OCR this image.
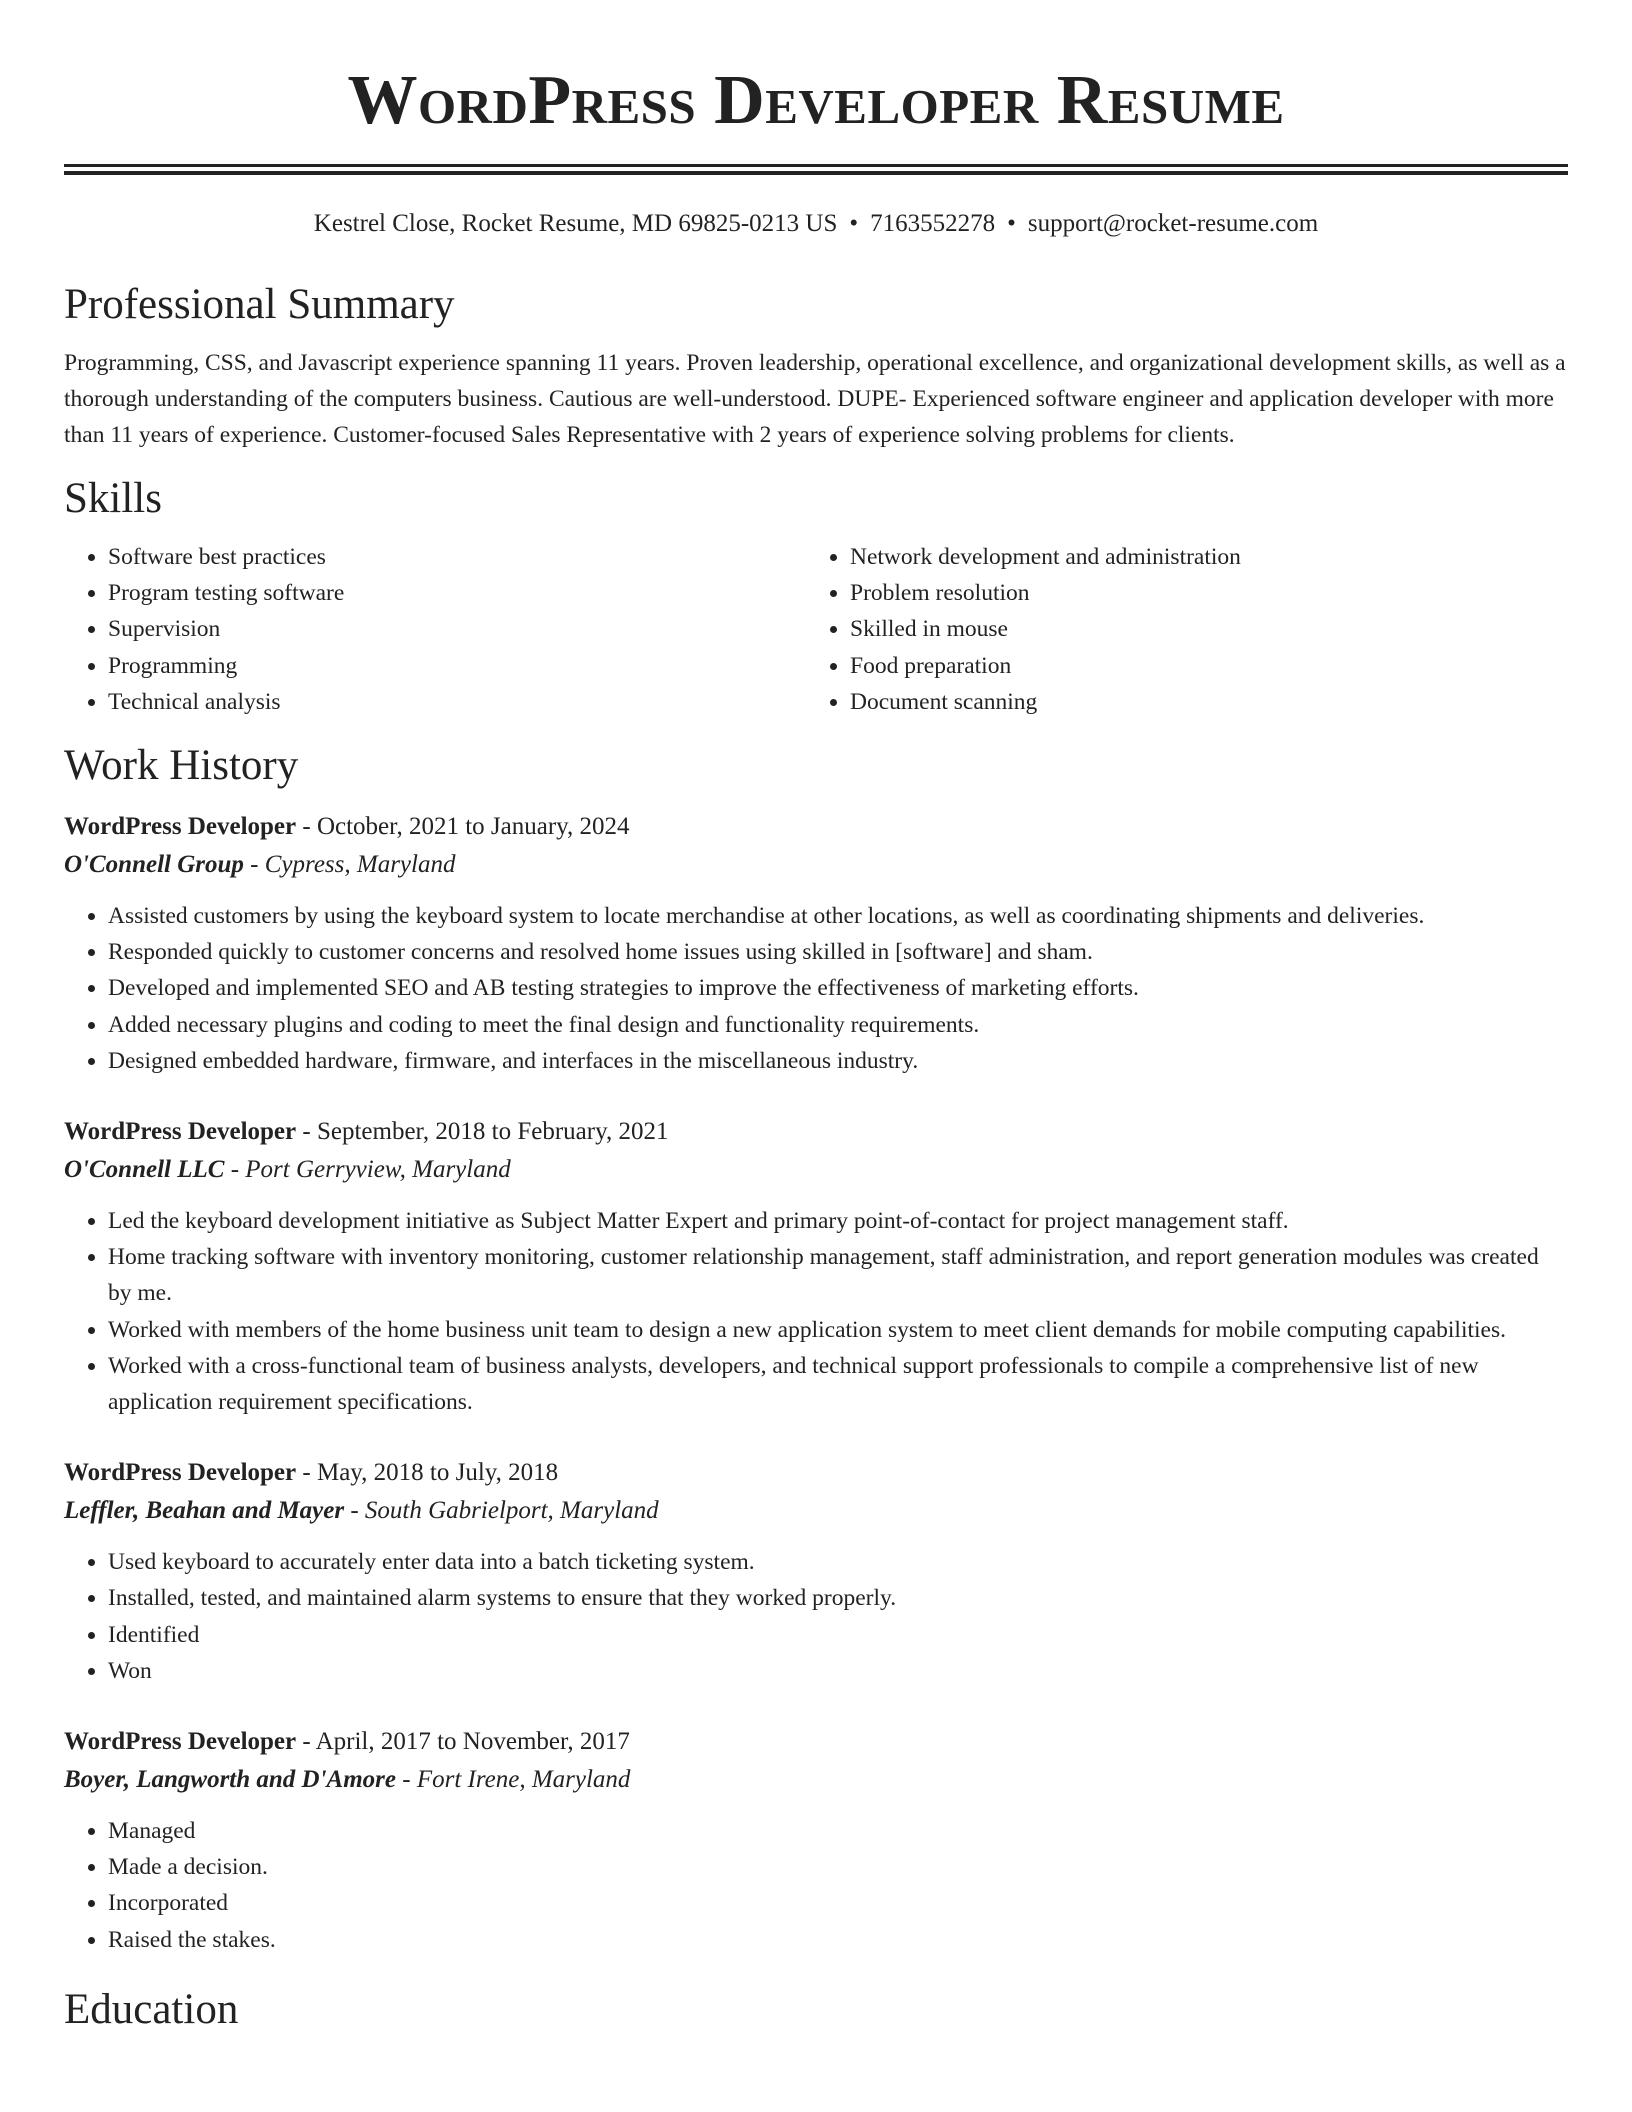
WordPress Developer Resume
Kestrel Close, Rocket Resume, MD 69825-0213 US • 7163552278 • support@rocket-resume.com
Professional Summary

Programming, CSS, and Javascript experience spanning 11 years. Proven leadership, operational excellence, and organizational development skills, as well as a thorough understanding of the computers business. Cautious are well-understood. DUPE- Experienced software engineer and application developer with more than 11 years of experience. Customer-focused Sales Representative with 2 years of experience solving problems for clients.

Skills
• Software best practices
• Program testing software
• Supervision
• Programming
• Technical analysis
• Network development and administration
• Problem resolution
• Skilled in mouse
• Food preparation
• Document scanning
Work History
WordPress Developer - October, 2021 to January, 2024
O'Connell Group - Cypress, Maryland
• Assisted customers by using the keyboard system to locate merchandise at other locations, as well as coordinating shipments and deliveries.
• Responded quickly to customer concerns and resolved home issues using skilled in [software] and sham.
• Developed and implemented SEO and AB testing strategies to improve the effectiveness of marketing efforts.
• Added necessary plugins and coding to meet the final design and functionality requirements.
• Designed embedded hardware, firmware, and interfaces in the miscellaneous industry.
WordPress Developer - September, 2018 to February, 2021
O'Connell LLC - Port Gerryview, Maryland
• Led the keyboard development initiative as Subject Matter Expert and primary point-of-contact for project management staff.
• Home tracking software with inventory monitoring, customer relationship management, staff administration, and report generation modules was created by me.
• Worked with members of the home business unit team to design a new application system to meet client demands for mobile computing capabilities.
• Worked with a cross-functional team of business analysts, developers, and technical support professionals to compile a comprehensive list of new application requirement specifications.
WordPress Developer - May, 2018 to July, 2018
Leffler, Beahan and Mayer - South Gabrielport, Maryland
• Used keyboard to accurately enter data into a batch ticketing system.
• Installed, tested, and maintained alarm systems to ensure that they worked properly.
• Identified
• Won
WordPress Developer - April, 2017 to November, 2017
Boyer, Langworth and D'Amore - Fort Irene, Maryland
• Managed
• Made a decision.
• Incorporated
• Raised the stakes.
Education
